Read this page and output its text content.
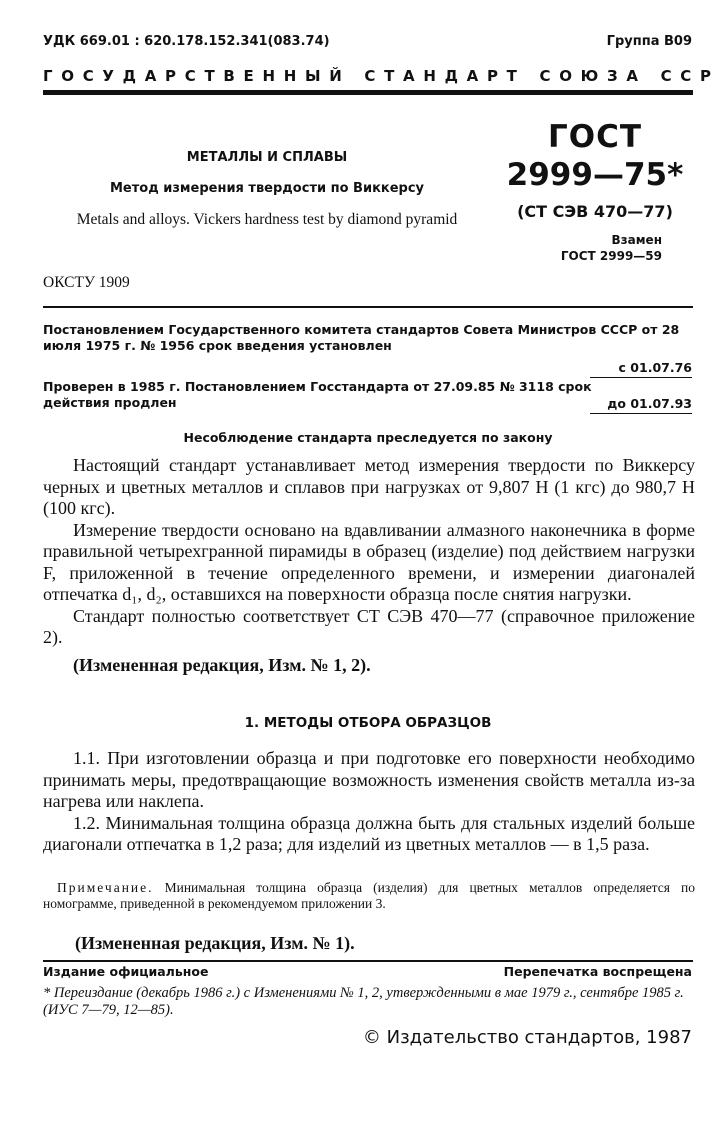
УДК 669.01 : 620.178.152.341(083.74)	Группа В09
ГОСУДАРСТВЕННЫЙ СТАНДАРТ СОЮЗА ССР
МЕТАЛЛЫ И СПЛАВЫ
Метод измерения твердости по Виккерсу
Metals and alloys. Vickers hardness test by diamond pyramid
ГОСТ
2999—75*
(СТ СЭВ 470—77)
Взамен
ГОСТ 2999—59
ОКСТУ 1909
Постановлением Государственного комитета стандартов Совета Министров СССР от 28 июля 1975 г. № 1956 срок введения установлен
с 01.07.76
Проверен в 1985 г. Постановлением Госстандарта от 27.09.85 № 3118 срок действия продлен	до 01.07.93
Несоблюдение стандарта преследуется по закону

Настоящий стандарт устанавливает метод измерения твердости по Виккерсу черных и цветных металлов и сплавов при нагрузках от 9,807 Н (1 кгс) до 980,7 Н (100 кгс).

Измерение твердости основано на вдавливании алмазного наконечника в форме правильной четырехгранной пирамиды в образец (изделие) под действием нагрузки F, приложенной в течение определенного времени, и измерении диагоналей отпечатка d₁, d₂, оставшихся на поверхности образца после снятия нагрузки.

Стандарт полностью соответствует СТ СЭВ 470—77 (справочное приложение 2).

(Измененная редакция, Изм. № 1, 2).

1. МЕТОДЫ ОТБОРА ОБРАЗЦОВ

1.1. При изготовлении образца и при подготовке его поверхности необходимо принимать меры, предотвращающие возможность изменения свойств металла из-за нагрева или наклепа.

1.2. Минимальная толщина образца должна быть для стальных изделий больше диагонали отпечатка в 1,2 раза; для изделий из цветных металлов — в 1,5 раза.

Примечание. Минимальная толщина образца (изделия) для цветных металлов определяется по номограмме, приведенной в рекомендуемом приложении 3.
(Измененная редакция, Изм. № 1).
Издание официальное	Перепечатка воспрещена
* Переиздание (декабрь 1986 г.) с Изменениями № 1, 2, утвержденными в мае 1979 г., сентябре 1985 г. (ИУС 7—79, 12—85).
© Издательство стандартов, 1987
